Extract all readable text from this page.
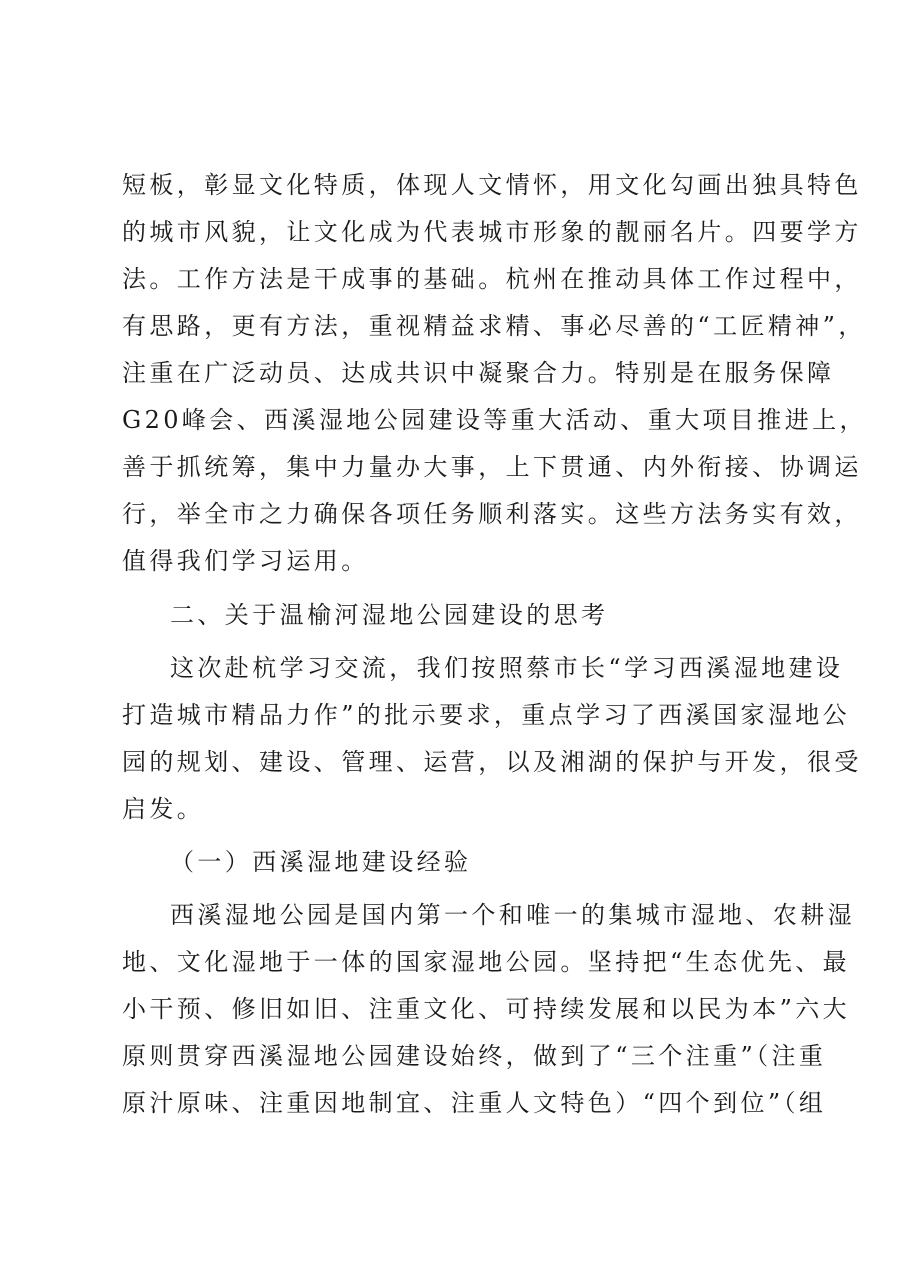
短板，彰显文化特质，体现人文情怀，用文化勾画出独具特色
的城市风貌，让文化成为代表城市形象的靓丽名片。四要学方
法。工作方法是干成事的基础。杭州在推动具体工作过程中，
有思路，更有方法，重视精益求精、事必尽善的“工匠精神”，
注重在广泛动员、达成共识中凝聚合力。特别是在服务保障
G20峰会、西溪湿地公园建设等重大活动、重大项目推进上，
善于抓统筹，集中力量办大事，上下贯通、内外衔接、协调运
行，举全市之力确保各项任务顺利落实。这些方法务实有效，
值得我们学习运用。
二、关于温榆河湿地公园建设的思考
这次赴杭学习交流，我们按照蔡市长“学习西溪湿地建设
打造城市精品力作”的批示要求，重点学习了西溪国家湿地公
园的规划、建设、管理、运营，以及湘湖的保护与开发，很受
启发。
（一）西溪湿地建设经验
西溪湿地公园是国内第一个和唯一的集城市湿地、农耕湿
地、文化湿地于一体的国家湿地公园。坚持把“生态优先、最
小干预、修旧如旧、注重文化、可持续发展和以民为本”六大
原则贯穿西溪湿地公园建设始终，做到了“三个注重”（注重
原汁原味、注重因地制宜、注重人文特色）“四个到位”（组
